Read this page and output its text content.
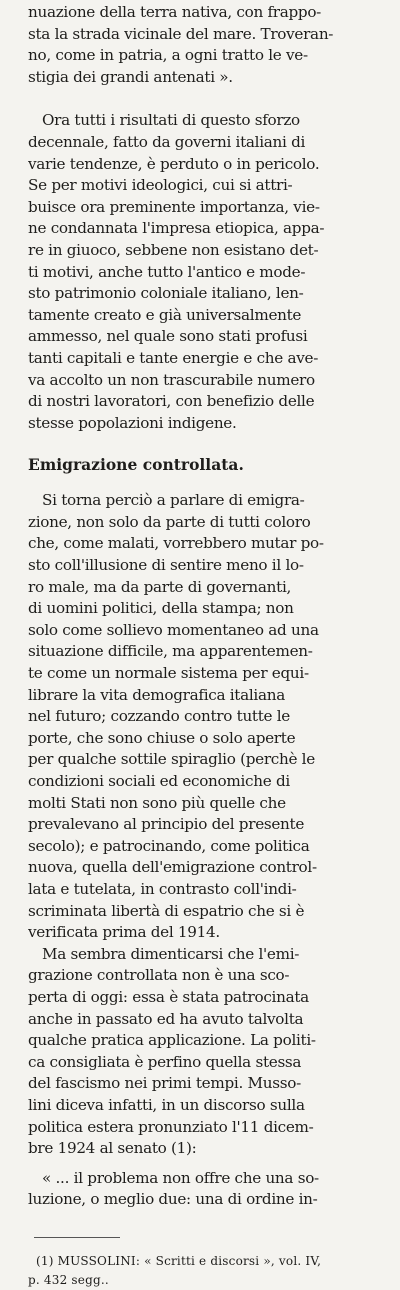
nuazione della terra nativa, con frappo-
sta la strada vicinale del mare. Troveran-
no, come in patria, a ogni tratto le ve-
stigia dei grandi antenati ».
Ora tutti i risultati di questo sforzo
decennale, fatto da governi italiani di
varie tendenze, è perduto o in pericolo.
Se per motivi ideologici, cui si attri-
buisce ora preminente importanza, vie-
ne condannata l'impresa etiopica, appa-
re in giuoco, sebbene non esistano det-
ti motivi, anche tutto l'antico e modе-
sto patrimonio coloniale italiano, len-
tamente creato e già universalmente
ammesso, nel quale sono stati profusi
tanti capitali e tante energie e che ave-
va accolto un non trascurabile numero
di nostri lavoratori, con benefizio delle
stesse popolazioni indigene.
Emigrazione controllata.
Si torna perciò a parlare di emigra-
zione, non solo da parte di tutti coloro
che, come malati, vorrebbero mutar po-
sto coll'illusione di sentire meno il lo-
ro male, ma da parte di governanti,
di uomini politici, della stampa; non
solo come sollievo momentaneo ad una
situazione difficile, ma apparentemen-
te come un normale sistema per equi-
librare la vita demografica italiana
nel futuro; cozzando contro tutte le
porte, che sono chiuse o solo aperte
per qualche sottile spiraglio (perchè le
condizioni sociali ed economiche di
molti Stati non sono più quelle che
prevalevano al principio del presente
secolo); e patrocinando, come politica
nuova, quella dell'emigrazione control-
lata e tutelata, in contrasto coll'indi-
scriminata libertà di espatrio che si è
verificata prima del 1914.
Ma sembra dimenticarsi che l'emi-
grazione controllata non è una sco-
perta di oggi: essa è stata patrocinata
anche in passato ed ha avuto talvolta
qualche pratica applicazione. La politi-
ca consigliata è perfino quella stessa
del fascismo nei primi tempi. Musso-
lini diceva infatti, in un discorso sulla
politica estera pronunziato l'11 dicem-
bre 1924 al senato (1):
« ... il problema non offre che una so-
luzione, o meglio due: una di ordine in-
(1) MUSSOLINI: « Scritti e discorsi », vol. IV,
p. 432 segg..
